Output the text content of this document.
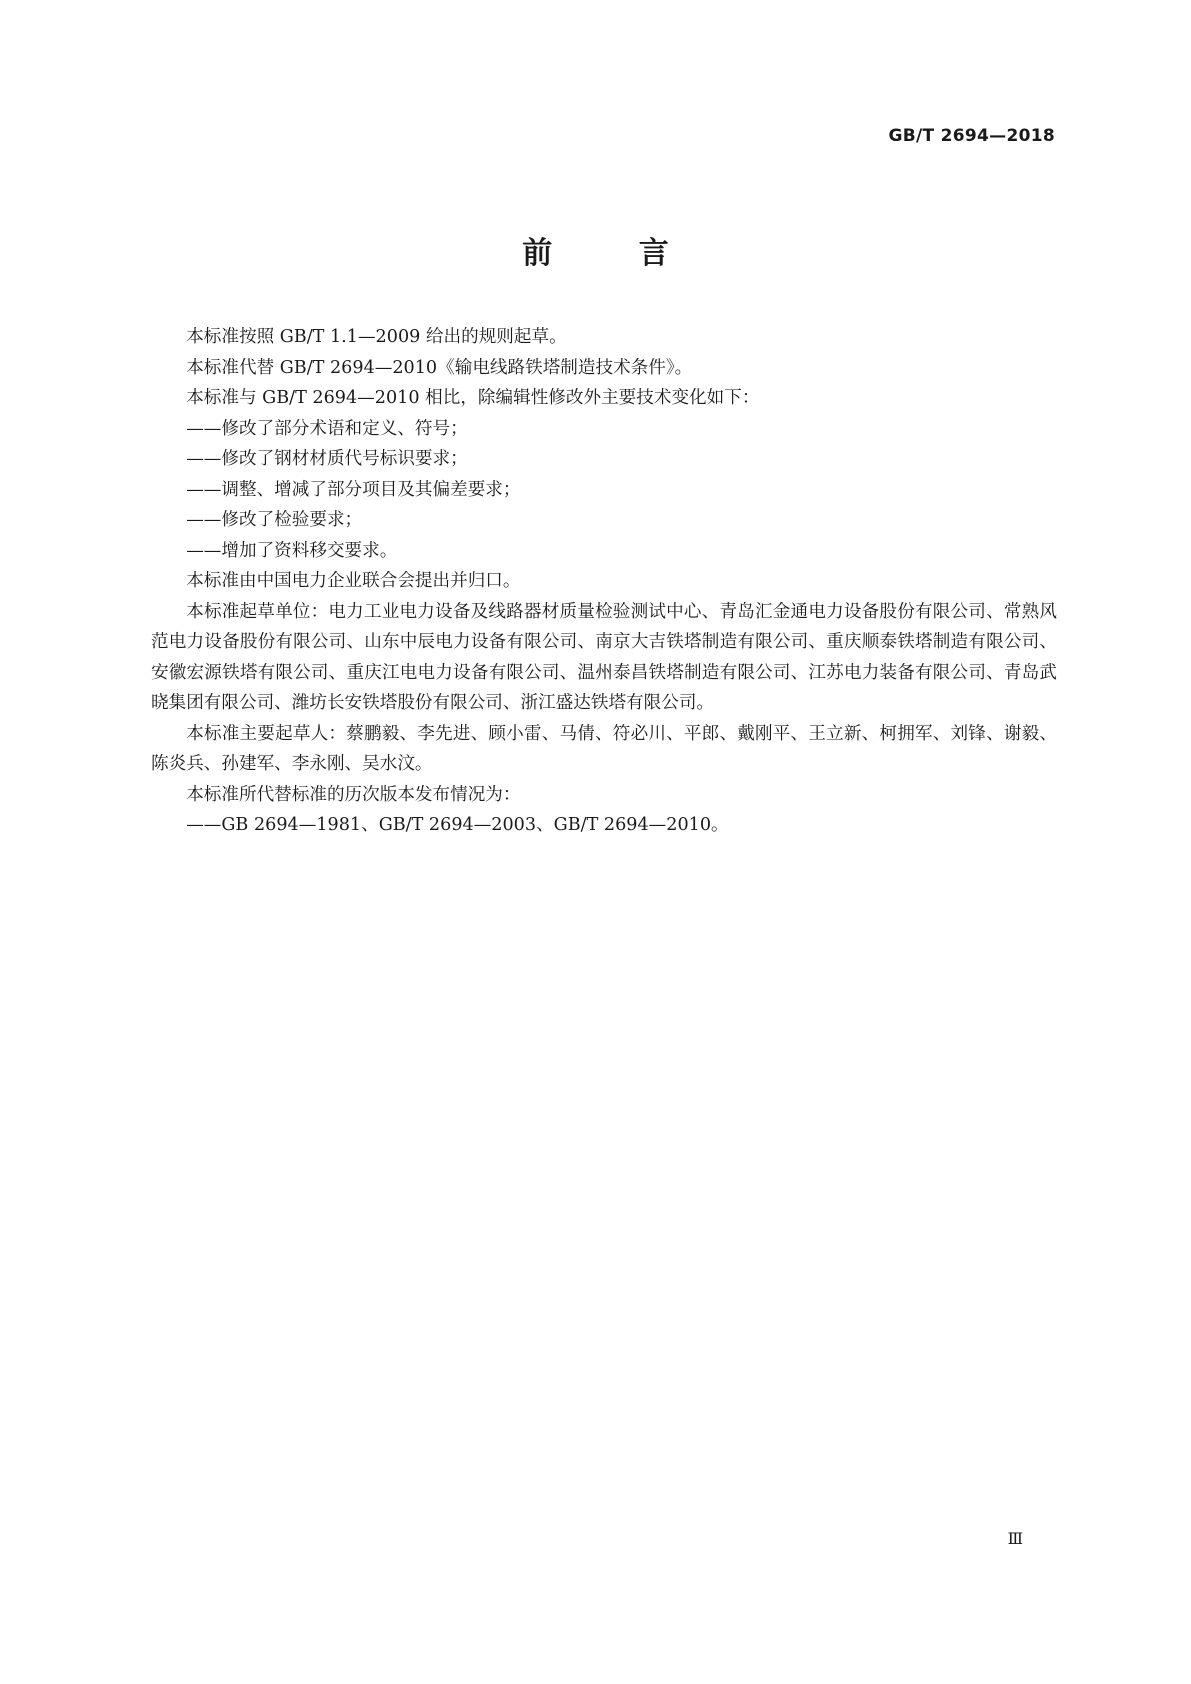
GB/T 2694—2018
前 言

本标准按照 GB/T 1.1—2009 给出的规则起草。

本标准代替 GB/T 2694—2010《输电线路铁塔制造技术条件》。

本标准与 GB/T 2694—2010 相比，除编辑性修改外主要技术变化如下：

——修改了部分术语和定义、符号；

——修改了钢材材质代号标识要求；

——调整、增减了部分项目及其偏差要求；

——修改了检验要求；

——增加了资料移交要求。

本标准由中国电力企业联合会提出并归口。

本标准起草单位：电力工业电力设备及线路器材质量检验测试中心、青岛汇金通电力设备股份有限公司、常熟风范电力设备股份有限公司、山东中辰电力设备有限公司、南京大吉铁塔制造有限公司、重庆顺泰铁塔制造有限公司、安徽宏源铁塔有限公司、重庆江电电力设备有限公司、温州泰昌铁塔制造有限公司、江苏电力装备有限公司、青岛武晓集团有限公司、潍坊长安铁塔股份有限公司、浙江盛达铁塔有限公司。

本标准主要起草人：蔡鹏毅、李先进、顾小雷、马倩、符必川、平郎、戴刚平、王立新、柯拥军、刘锋、谢毅、陈炎兵、孙建军、李永刚、吴水汶。

本标准所代替标准的历次版本发布情况为：

——GB 2694—1981、GB/T 2694—2003、GB/T 2694—2010。

Ⅲ
